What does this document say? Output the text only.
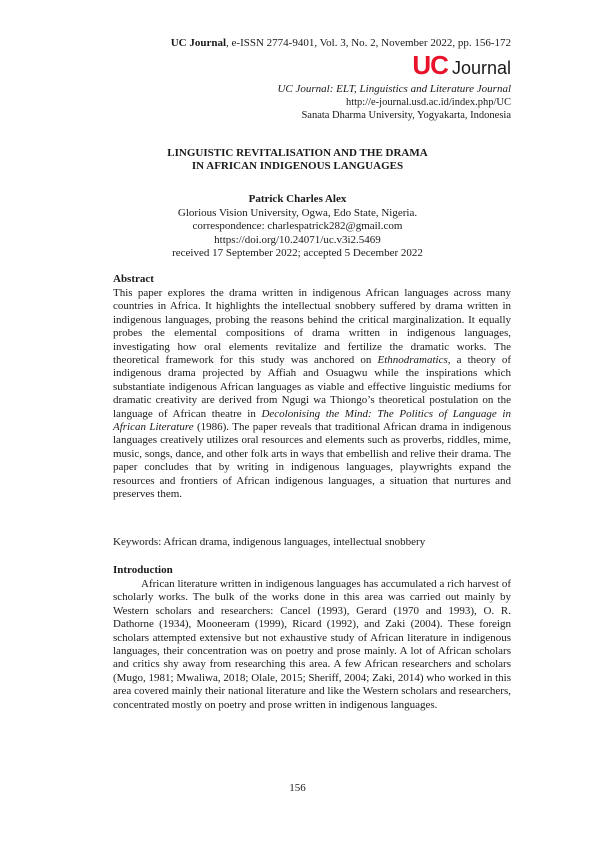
UC Journal, e-ISSN 2774-9401, Vol. 3, No. 2, November 2022, pp. 156-172
UC Journal
UC Journal: ELT, Linguistics and Literature Journal
http://e-journal.usd.ac.id/index.php/UC
Sanata Dharma University, Yogyakarta, Indonesia
LINGUISTIC REVITALISATION AND THE DRAMA
IN AFRICAN INDIGENOUS LANGUAGES
Patrick Charles Alex
Glorious Vision University, Ogwa, Edo State, Nigeria.
correspondence: charlespatrick282@gmail.com
https://doi.org/10.24071/uc.v3i2.5469
received 17 September 2022; accepted 5 December 2022
Abstract
This paper explores the drama written in indigenous African languages across many countries in Africa. It highlights the intellectual snobbery suffered by drama written in indigenous languages, probing the reasons behind the critical marginalization. It equally probes the elemental compositions of drama written in indigenous languages, investigating how oral elements revitalize and fertilize the dramatic works. The theoretical framework for this study was anchored on Ethnodramatics, a theory of indigenous drama projected by Affiah and Osuagwu while the inspirations which substantiate indigenous African languages as viable and effective linguistic mediums for dramatic creativity are derived from Ngugi wa Thiongo’s theoretical postulation on the language of African theatre in Decolonising the Mind: The Politics of Language in African Literature (1986). The paper reveals that traditional African drama in indigenous languages creatively utilizes oral resources and elements such as proverbs, riddles, mime, music, songs, dance, and other folk arts in ways that embellish and relive their drama. The paper concludes that by writing in indigenous languages, playwrights expand the resources and frontiers of African indigenous languages, a situation that nurtures and preserves them.
Keywords: African drama, indigenous languages, intellectual snobbery
Introduction
African literature written in indigenous languages has accumulated a rich harvest of scholarly works. The bulk of the works done in this area was carried out mainly by Western scholars and researchers: Cancel (1993), Gerard (1970 and 1993), O. R. Dathorne (1934), Mooneeram (1999), Ricard (1992), and Zaki (2004). These foreign scholars attempted extensive but not exhaustive study of African literature in indigenous languages, their concentration was on poetry and prose mainly. A lot of African scholars and critics shy away from researching this area. A few African researchers and scholars (Mugo, 1981; Mwaliwa, 2018; Olale, 2015; Sheriff, 2004; Zaki, 2014) who worked in this area covered mainly their national literature and like the Western scholars and researchers, concentrated mostly on poetry and prose written in indigenous languages.
156
